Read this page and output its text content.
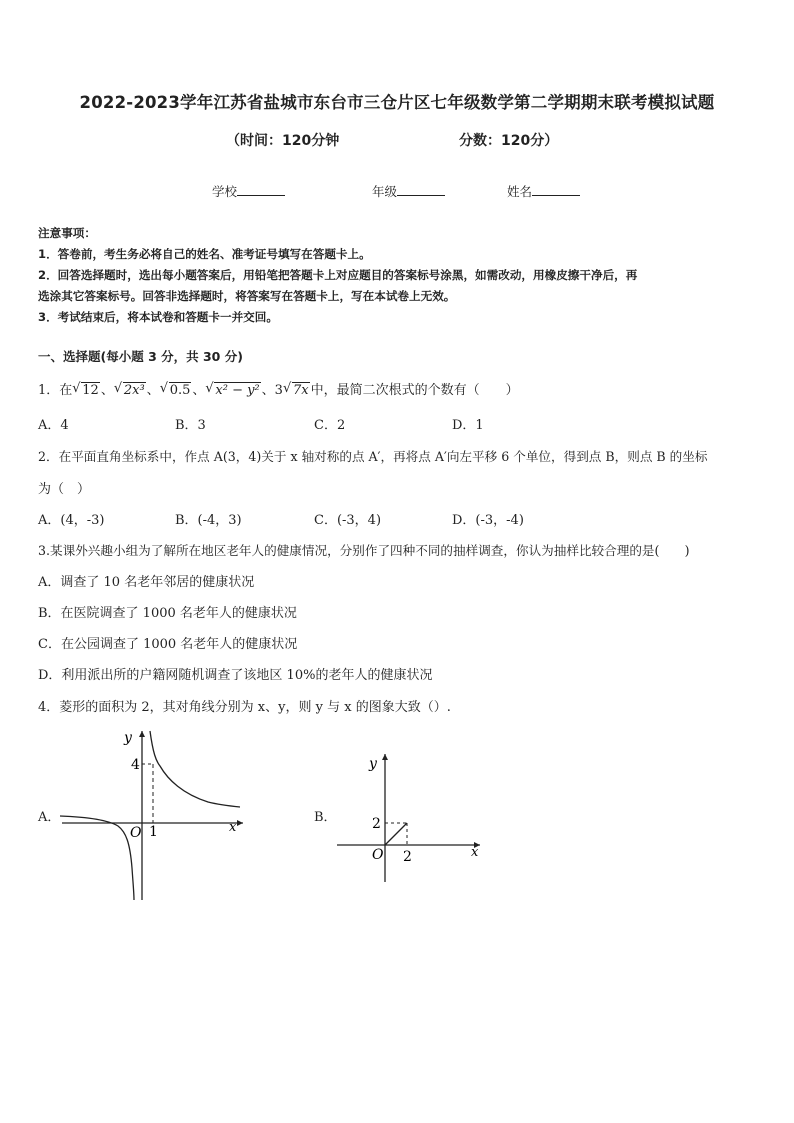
2022-2023学年江苏省盐城市东台市三仓片区七年级数学第二学期期末联考模拟试题
（时间：120分钟	分数：120分）
学校	年级	姓名

注意事项：

1．答卷前，考生务必将自己的姓名、准考证号填写在答题卡上。

2．回答选择题时，选出每小题答案后，用铅笔把答题卡上对应题目的答案标号涂黑，如需改动，用橡皮擦干净后，再

选涂其它答案标号。回答非选择题时，将答案写在答题卡上，写在本试卷上无效。

3．考试结束后，将本试卷和答题卡一并交回。

一、选择题(每小题 3 分，共 30 分)
1．在 √ 12 、 √ 2x³ 、 √ 0.5 、 √ x² − y² 、3 √ 7x 中，最简二次根式的个数有（　　）
A．4	B．3	C．2	D．1
2．在平面直角坐标系中，作点 A(3，4)关于 x 轴对称的点 A′，再将点 A′向左平移 6 个单位，得到点 B，则点 B 的坐标
为（　）
A．(4，-3)	B．(-4，3)	C．(-3，4)	D．(-3，-4)
3.某课外兴趣小组为了解所在地区老年人的健康情况，分别作了四种不同的抽样调查，你认为抽样比较合理的是(　　)
A．调查了 10 名老年邻居的健康状况
B．在医院调查了 1000 名老年人的健康状况
C．在公园调查了 1000 名老年人的健康状况
D．利用派出所的户籍网随机调查了该地区 10%的老年人的健康状况
4．菱形的面积为 2，其对角线分别为 x、y，则 y 与 x 的图象大致（）.
A．
y
x
O
4
1
B．
y
x
O
2
2
